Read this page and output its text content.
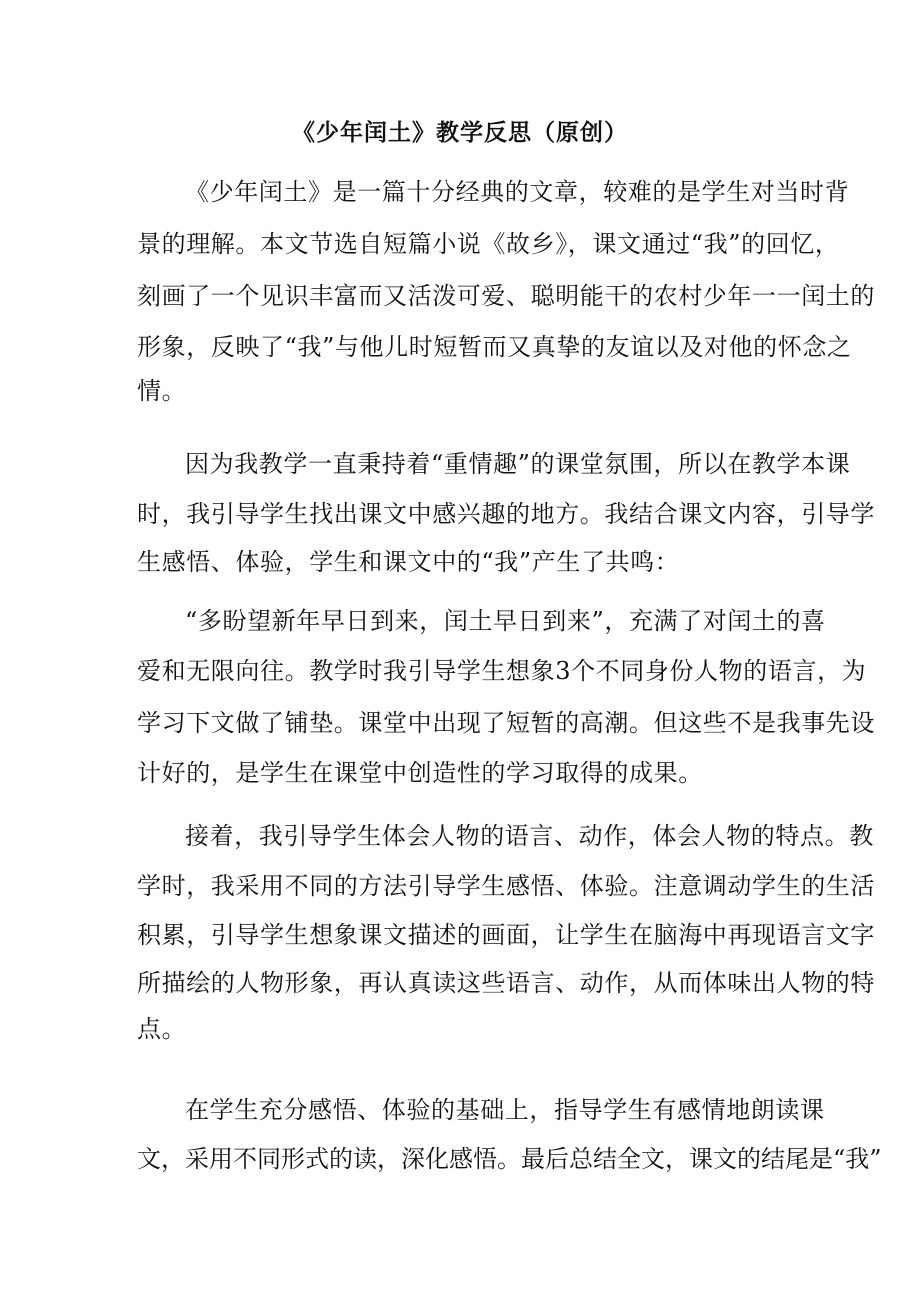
《少年闰土》教学反思（原创）
《少年闰土》是一篇十分经典的文章，较难的是学生对当时背
景的理解。本文节选自短篇小说《故乡》，课文通过“我”的回忆，
刻画了一个见识丰富而又活泼可爱、聪明能干的农村少年一一闰土的
形象，反映了“我”与他儿时短暂而又真挚的友谊以及对他的怀念之
情。
因为我教学一直秉持着“重情趣”的课堂氛围，所以在教学本课
时，我引导学生找出课文中感兴趣的地方。我结合课文内容，引导学
生感悟、体验，学生和课文中的“我”产生了共鸣：
“多盼望新年早日到来，闰土早日到来”，充满了对闰土的喜
爱和无限向往。教学时我引导学生想象3个不同身份人物的语言，为
学习下文做了铺垫。课堂中出现了短暂的高潮。但这些不是我事先设
计好的，是学生在课堂中创造性的学习取得的成果。
接着，我引导学生体会人物的语言、动作，体会人物的特点。教
学时，我采用不同的方法引导学生感悟、体验。注意调动学生的生活
积累，引导学生想象课文描述的画面，让学生在脑海中再现语言文字
所描绘的人物形象，再认真读这些语言、动作，从而体味出人物的特
点。
在学生充分感悟、体验的基础上，指导学生有感情地朗读课
文，采用不同形式的读，深化感悟。最后总结全文，课文的结尾是“我”
